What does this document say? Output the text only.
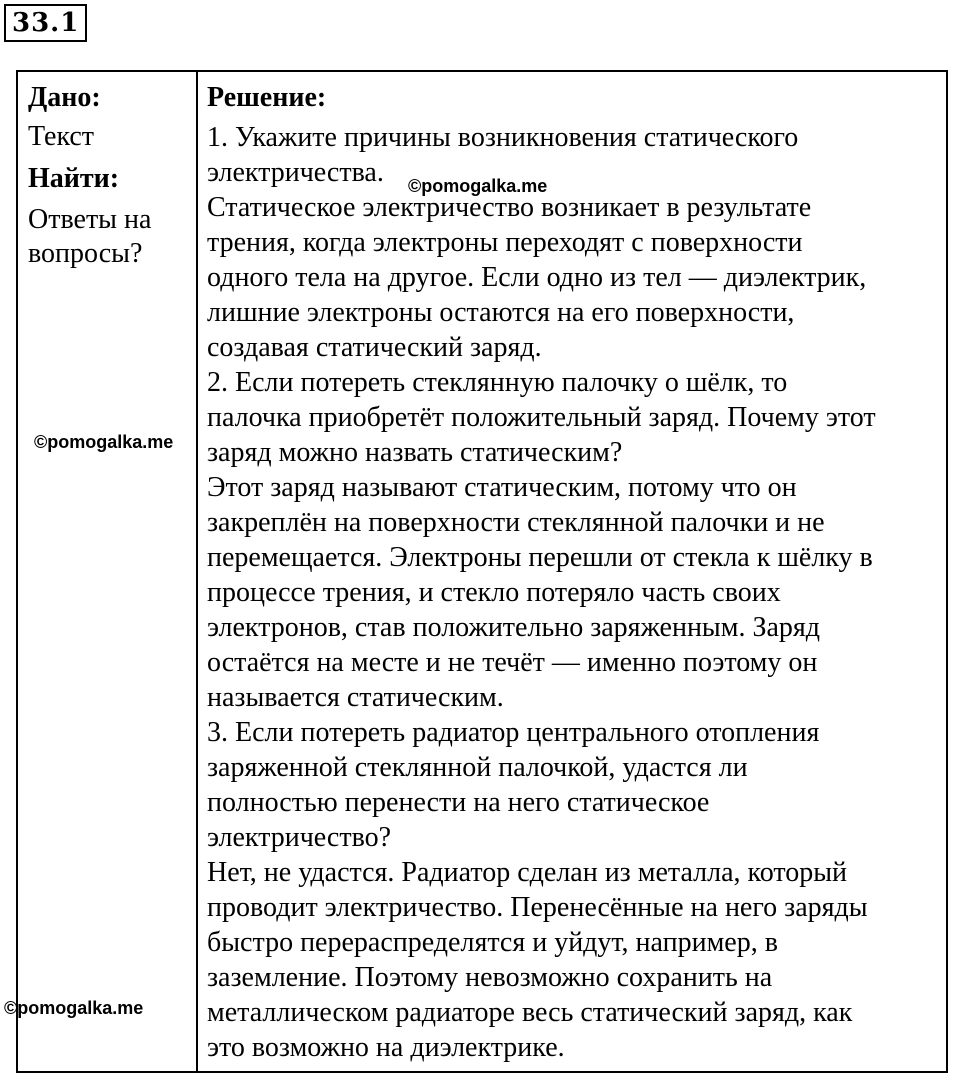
33.1
Дано:
Текст
Найти:
Ответы на
вопросы?
Решение:

1. Укажите причины возникновения статического
электричества.

Статическое электричество возникает в результате
трения, когда электроны переходят с поверхности
одного тела на другое. Если одно из тел — диэлектрик,
лишние электроны остаются на его поверхности,
создавая статический заряд.

2. Если потереть стеклянную палочку о шёлк, то
палочка приобретёт положительный заряд. Почему этот
заряд можно назвать статическим?

Этот заряд называют статическим, потому что он
закреплён на поверхности стеклянной палочки и не
перемещается. Электроны перешли от стекла к шёлку в
процессе трения, и стекло потеряло часть своих
электронов, став положительно заряженным. Заряд
остаётся на месте и не течёт — именно поэтому он
называется статическим.

3. Если потереть радиатор центрального отопления
заряженной стеклянной палочкой, удастся ли
полностью перенести на него статическое
электричество?

Нет, не удастся. Радиатор сделан из металла, который
проводит электричество. Перенесённые на него заряды
быстро перераспределятся и уйдут, например, в
заземление. Поэтому невозможно сохранить на
металлическом радиаторе весь статический заряд, как
это возможно на диэлектрике.

©pomogalka.me
©pomogalka.me
©pomogalka.me
